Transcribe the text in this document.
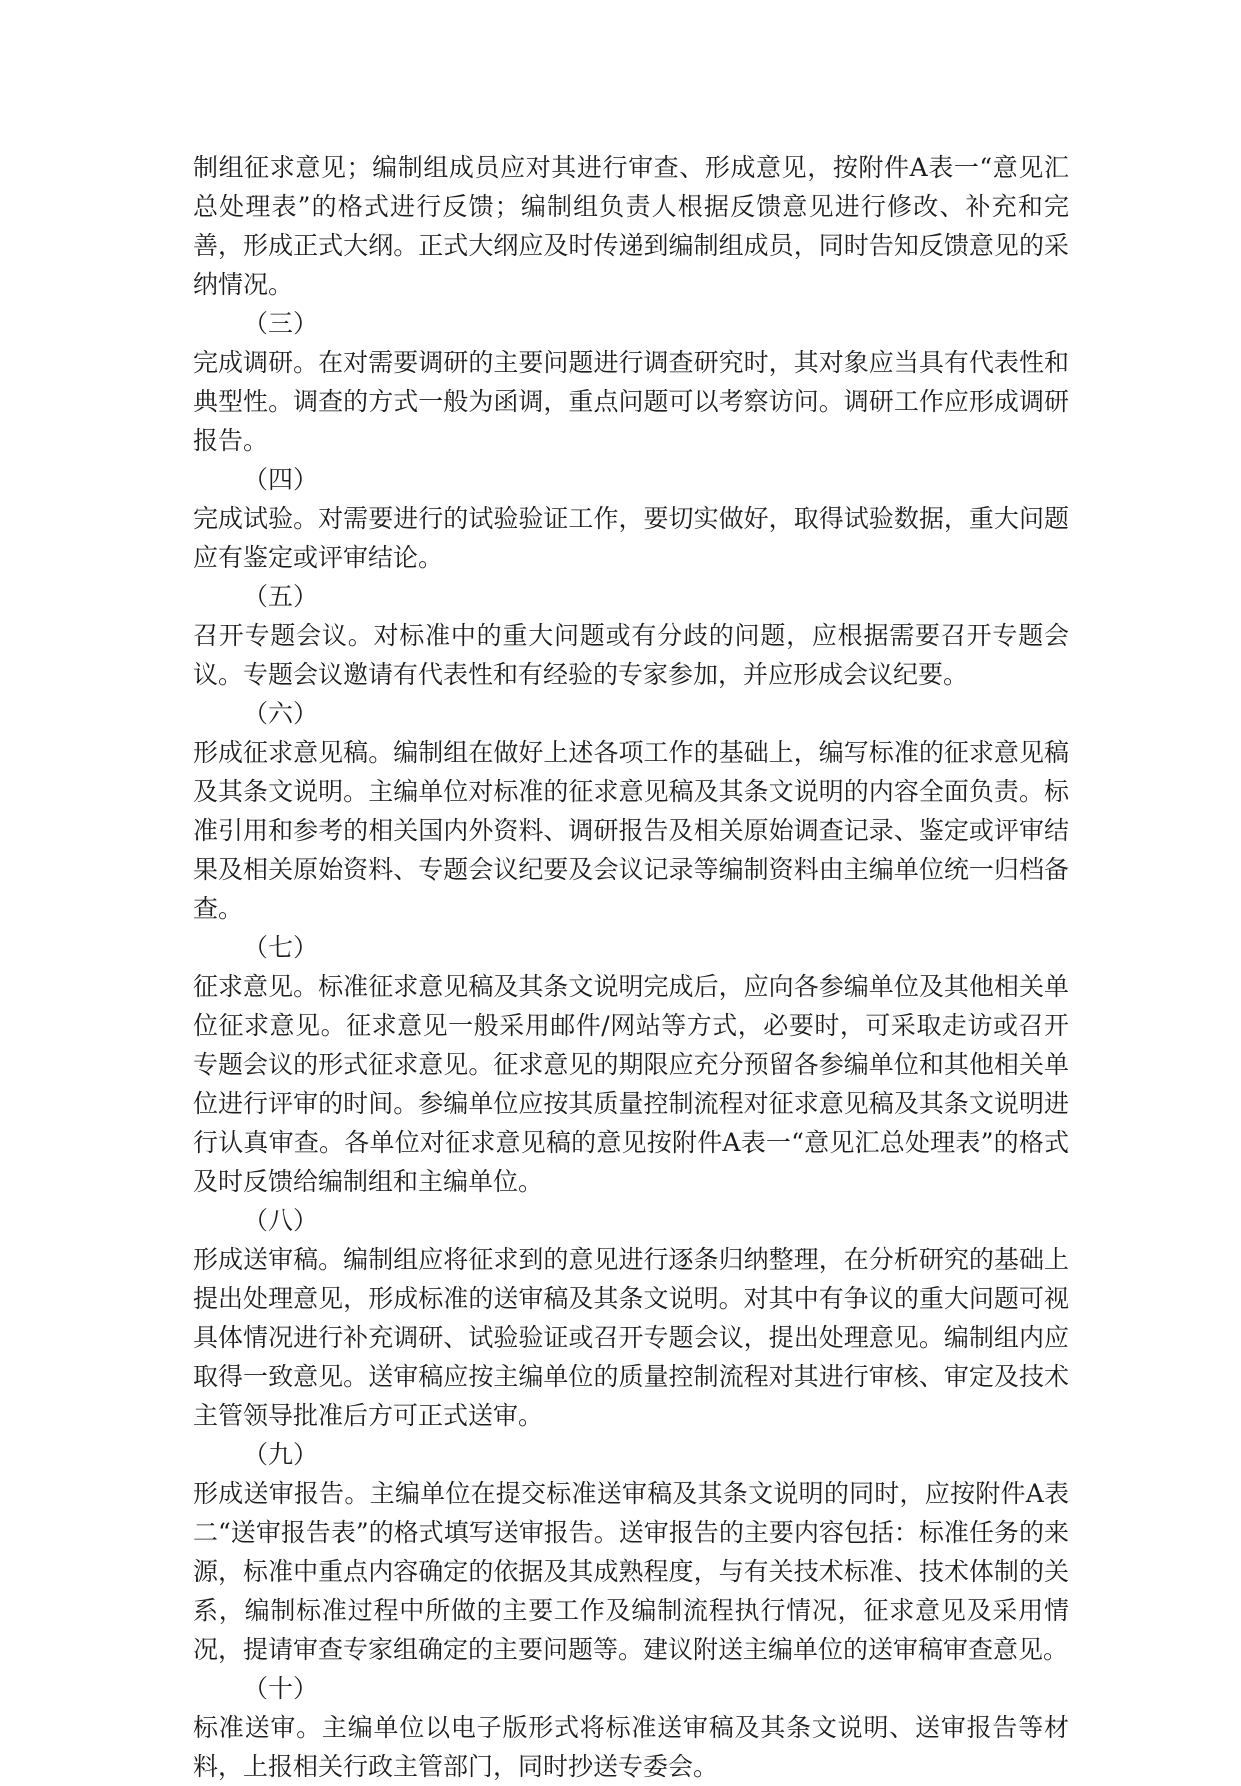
制组征求意见；编制组成员应对其进行审查、形成意见，按附件A表一“意见汇总处理表”的格式进行反馈；编制组负责人根据反馈意见进行修改、补充和完善，形成正式大纲。正式大纲应及时传递到编制组成员，同时告知反馈意见的采纳情况。

（三）

完成调研。在对需要调研的主要问题进行调查研究时，其对象应当具有代表性和典型性。调查的方式一般为函调，重点问题可以考察访问。调研工作应形成调研报告。

（四）

完成试验。对需要进行的试验验证工作，要切实做好，取得试验数据，重大问题应有鉴定或评审结论。

（五）

召开专题会议。对标准中的重大问题或有分歧的问题，应根据需要召开专题会议。专题会议邀请有代表性和有经验的专家参加，并应形成会议纪要。

（六）

形成征求意见稿。编制组在做好上述各项工作的基础上，编写标准的征求意见稿及其条文说明。主编单位对标准的征求意见稿及其条文说明的内容全面负责。标准引用和参考的相关国内外资料、调研报告及相关原始调查记录、鉴定或评审结果及相关原始资料、专题会议纪要及会议记录等编制资料由主编单位统一归档备查。

（七）

征求意见。标准征求意见稿及其条文说明完成后，应向各参编单位及其他相关单位征求意见。征求意见一般采用邮件/网站等方式，必要时，可采取走访或召开专题会议的形式征求意见。征求意见的期限应充分预留各参编单位和其他相关单位进行评审的时间。参编单位应按其质量控制流程对征求意见稿及其条文说明进行认真审查。各单位对征求意见稿的意见按附件A表一“意见汇总处理表”的格式及时反馈给编制组和主编单位。

（八）

形成送审稿。编制组应将征求到的意见进行逐条归纳整理，在分析研究的基础上提出处理意见，形成标准的送审稿及其条文说明。对其中有争议的重大问题可视具体情况进行补充调研、试验验证或召开专题会议，提出处理意见。编制组内应取得一致意见。送审稿应按主编单位的质量控制流程对其进行审核、审定及技术主管领导批准后方可正式送审。

（九）

形成送审报告。主编单位在提交标准送审稿及其条文说明的同时，应按附件A表二“送审报告表”的格式填写送审报告。送审报告的主要内容包括：标准任务的来源，标准中重点内容确定的依据及其成熟程度，与有关技术标准、技术体制的关系，编制标准过程中所做的主要工作及编制流程执行情况，征求意见及采用情况，提请审查专家组确定的主要问题等。建议附送主编单位的送审稿审查意见。

（十）

标准送审。主编单位以电子版形式将标准送审稿及其条文说明、送审报告等材料，上报相关行政主管部门，同时抄送专委会。
